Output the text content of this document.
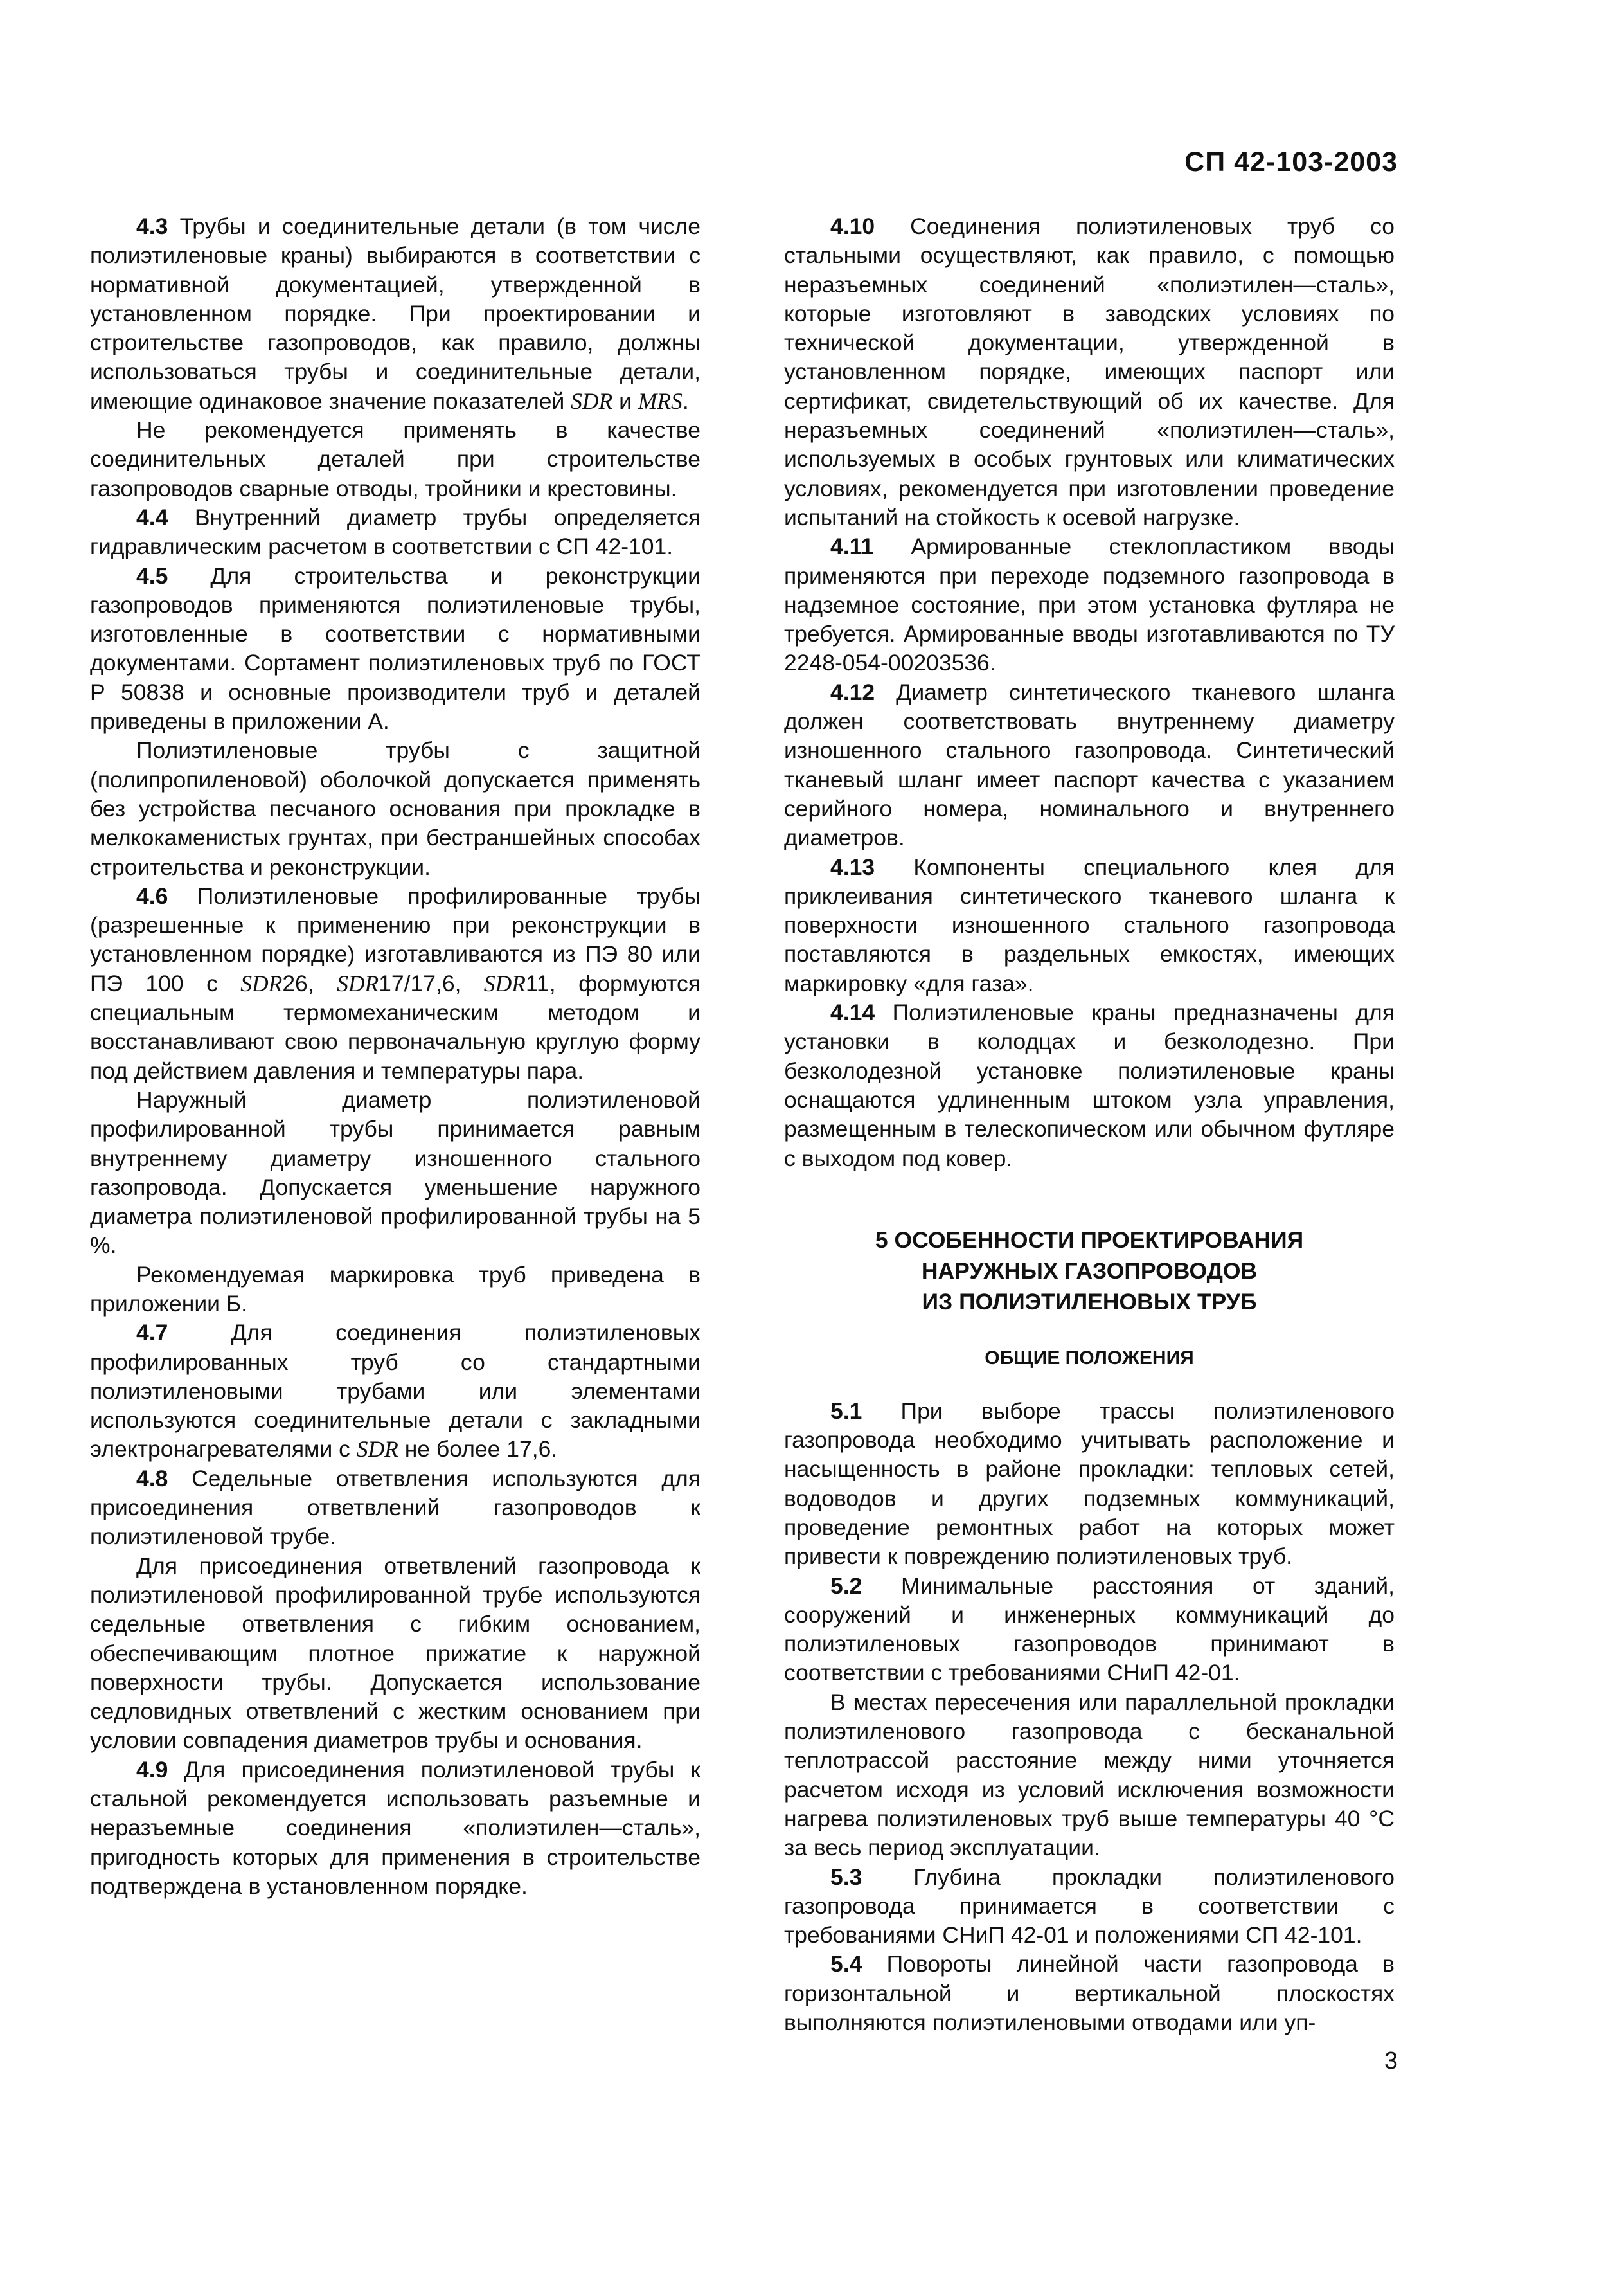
СП 42-103-2003

4.3 Трубы и соединительные детали (в том числе полиэтиленовые краны) выбираются в соответствии с нормативной документацией, утвержденной в установленном порядке. При проектировании и строительстве газопроводов, как правило, должны использоваться трубы и соединительные детали, имеющие одинаковое значение показателей SDR и MRS.

Не рекомендуется применять в качестве соединительных деталей при строительстве газопроводов сварные отводы, тройники и крестовины.

4.4 Внутренний диаметр трубы определяется гидравлическим расчетом в соответствии с СП 42-101.

4.5 Для строительства и реконструкции газопроводов применяются полиэтиленовые трубы, изготовленные в соответствии с нормативными документами. Сортамент полиэтиленовых труб по ГОСТ Р 50838 и основные производители труб и деталей приведены в приложении А.

Полиэтиленовые трубы с защитной (полипропиленовой) оболочкой допускается применять без устройства песчаного основания при прокладке в мелкокаменистых грунтах, при бестраншейных способах строительства и реконструкции.

4.6 Полиэтиленовые профилированные трубы (разрешенные к применению при реконструкции в установленном порядке) изготавливаются из ПЭ 80 или ПЭ 100 с SDR26, SDR17/17,6, SDR11, формуются специальным термомеханическим методом и восстанавливают свою первоначальную круглую форму под действием давления и температуры пара.

Наружный диаметр полиэтиленовой профилированной трубы принимается равным внутреннему диаметру изношенного стального газопровода. Допускается уменьшение наружного диаметра полиэтиленовой профилированной трубы на 5 %.

Рекомендуемая маркировка труб приведена в приложении Б.

4.7 Для соединения полиэтиленовых профилированных труб со стандартными полиэтиленовыми трубами или элементами используются соединительные детали с закладными электронагревателями с SDR не более 17,6.

4.8 Седельные ответвления используются для присоединения ответвлений газопроводов к полиэтиленовой трубе.

Для присоединения ответвлений газопровода к полиэтиленовой профилированной трубе используются седельные ответвления с гибким основанием, обеспечивающим плотное прижатие к наружной поверхности трубы. Допускается использование седловидных ответвлений с жестким основанием при условии совпадения диаметров трубы и основания.

4.9 Для присоединения полиэтиленовой трубы к стальной рекомендуется использовать разъемные и неразъемные соединения «полиэтилен—сталь», пригодность которых для применения в строительстве подтверждена в установленном порядке.

4.10 Соединения полиэтиленовых труб со стальными осуществляют, как правило, с помощью неразъемных соединений «полиэтилен—сталь», которые изготовляют в заводских условиях по технической документации, утвержденной в установленном порядке, имеющих паспорт или сертификат, свидетельствующий об их качестве. Для неразъемных соединений «полиэтилен—сталь», используемых в особых грунтовых или климатических условиях, рекомендуется при изготовлении проведение испытаний на стойкость к осевой нагрузке.

4.11 Армированные стеклопластиком вводы применяются при переходе подземного газопровода в надземное состояние, при этом установка футляра не требуется. Армированные вводы изготавливаются по ТУ 2248-054-00203536.

4.12 Диаметр синтетического тканевого шланга должен соответствовать внутреннему диаметру изношенного стального газопровода. Синтетический тканевый шланг имеет паспорт качества с указанием серийного номера, номинального и внутреннего диаметров.

4.13 Компоненты специального клея для приклеивания синтетического тканевого шланга к поверхности изношенного стального газопровода поставляются в раздельных емкостях, имеющих маркировку «для газа».

4.14 Полиэтиленовые краны предназначены для установки в колодцах и безколодезно. При безколодезной установке полиэтиленовые краны оснащаются удлиненным штоком узла управления, размещенным в телескопическом или обычном футляре с выходом под ковер.

5 ОСОБЕННОСТИ ПРОЕКТИРОВАНИЯ
НАРУЖНЫХ ГАЗОПРОВОДОВ
ИЗ ПОЛИЭТИЛЕНОВЫХ ТРУБ
ОБЩИЕ ПОЛОЖЕНИЯ

5.1 При выборе трассы полиэтиленового газопровода необходимо учитывать расположение и насыщенность в районе прокладки: тепловых сетей, водоводов и других подземных коммуникаций, проведение ремонтных работ на которых может привести к повреждению полиэтиленовых труб.

5.2 Минимальные расстояния от зданий, сооружений и инженерных коммуникаций до полиэтиленовых газопроводов принимают в соответствии с требованиями СНиП 42-01.

В местах пересечения или параллельной прокладки полиэтиленового газопровода с бесканальной теплотрассой расстояние между ними уточняется расчетом исходя из условий исключения возможности нагрева полиэтиленовых труб выше температуры 40 °С за весь период эксплуатации.

5.3 Глубина прокладки полиэтиленового газопровода принимается в соответствии с требованиями СНиП 42-01 и положениями СП 42-101.

5.4 Повороты линейной части газопровода в горизонтальной и вертикальной плоскостях выполняются полиэтиленовыми отводами или уп-

3
